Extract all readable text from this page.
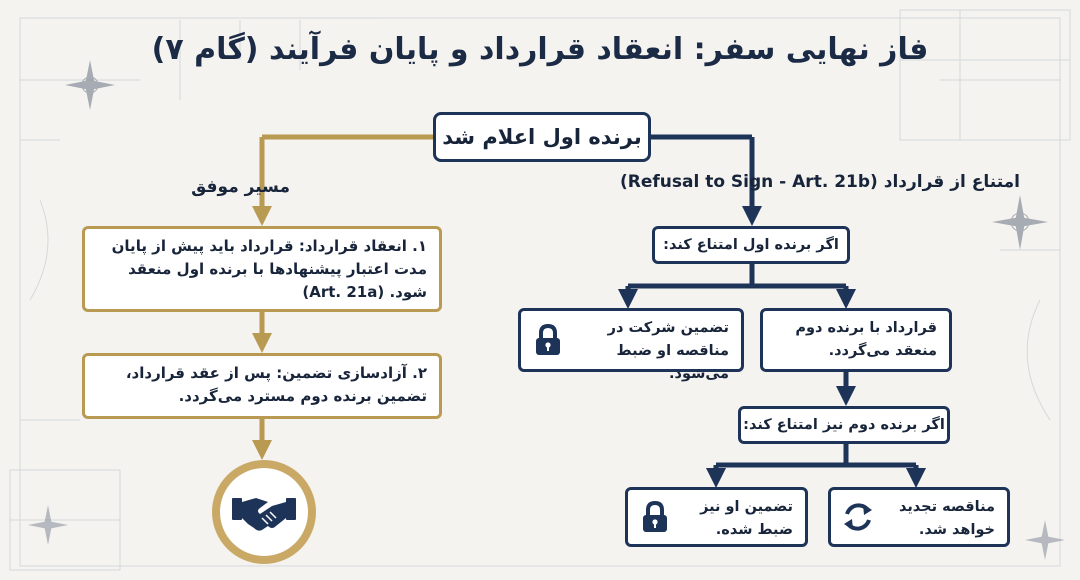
فاز نهایی سفر: انعقاد قرارداد و پایان فرآیند (گام ۷)
برنده اول اعلام شد
مسیر موفق	امتناع از قرارداد (Refusal to Sign - Art. 21b)
۱. انعقاد قرارداد: قرارداد باید پیش از پایان مدت اعتبار پیشنهادها با برنده اول منعقد شود. (Art. 21a)
۲. آزادسازی تضمین: پس از عقد قرارداد، تضمین برنده دوم مسترد می‌گردد.
اگر برنده اول امتناع کند:
قرارداد با برنده دوم
منعقد می‌گردد.
تضمین شرکت در
مناقصه او ضبط می‌شود.
اگر برنده دوم نیز امتناع کند:
مناقصه تجدید
خواهد شد.
تضمین او نیز
ضبط شده.
